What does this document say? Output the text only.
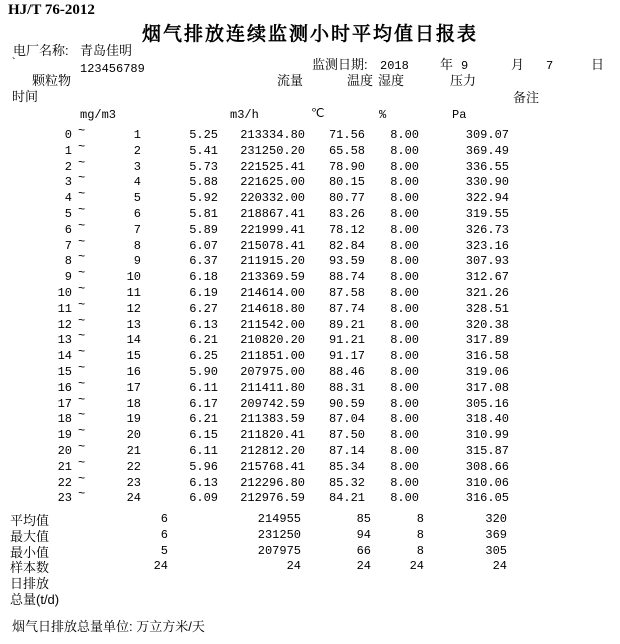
HJ/T 76-2012
烟气排放连续监测小时平均值日报表
电厂名称: 青岛佳明
`	123456789	监测日期: 2018 年 9	月 7	日
颗粒物	流量	温度 湿度	压力
时间	备注
mg/m3	m3/h	℃	%	Pa
0 ~	1	5.25 213334.80 71.56 8.00	309.07
1 ~	2	5.41 231250.20 65.58 8.00	369.49
2 ~	3	5.73 221525.41 78.90 8.00	336.55
3 ~	4	5.88 221625.00 80.15 8.00	330.90
4 ~	5	5.92 220332.00 80.77 8.00	322.94
5 ~	6	5.81 218867.41 83.26 8.00	319.55
6 ~	7	5.89 221999.41 78.12 8.00	326.73
7 ~	8	6.07 215078.41 82.84 8.00	323.16
8 ~	9	6.37 211915.20 93.59 8.00	307.93
9 ~	10	6.18 213369.59 88.74 8.00	312.67
10 ~	11	6.19 214614.00 87.58 8.00	321.26
11 ~	12	6.27 214618.80 87.74 8.00	328.51
12 ~	13	6.13 211542.00 89.21 8.00	320.38
13 ~	14	6.21 210820.20 91.21 8.00	317.89
14 ~	15	6.25 211851.00 91.17 8.00	316.58
15 ~	16	5.90 207975.00 88.46 8.00	319.06
16 ~	17	6.11 211411.80 88.31 8.00	317.08
17 ~	18	6.17 209742.59 90.59 8.00	305.16
18 ~	19	6.21 211383.59 87.04 8.00	318.40
19 ~	20	6.15 211820.41 87.50 8.00	310.99
20 ~	21	6.11 212812.20 87.14 8.00	315.87
21 ~	22	5.96 215768.41 85.34 8.00	308.66
22 ~	23	6.13 212296.80 85.32 8.00	310.06
23 ~	24	6.09 212976.59 84.21 8.00	316.05
平均值	6	214955	85	8	320
最大值	6	231250	94	8	369
最小值	5	207975	66	8	305
样本数	24	24	24	24	24
日排放
总量(t/d)
烟气日排放总量单位: 万立方米/天
